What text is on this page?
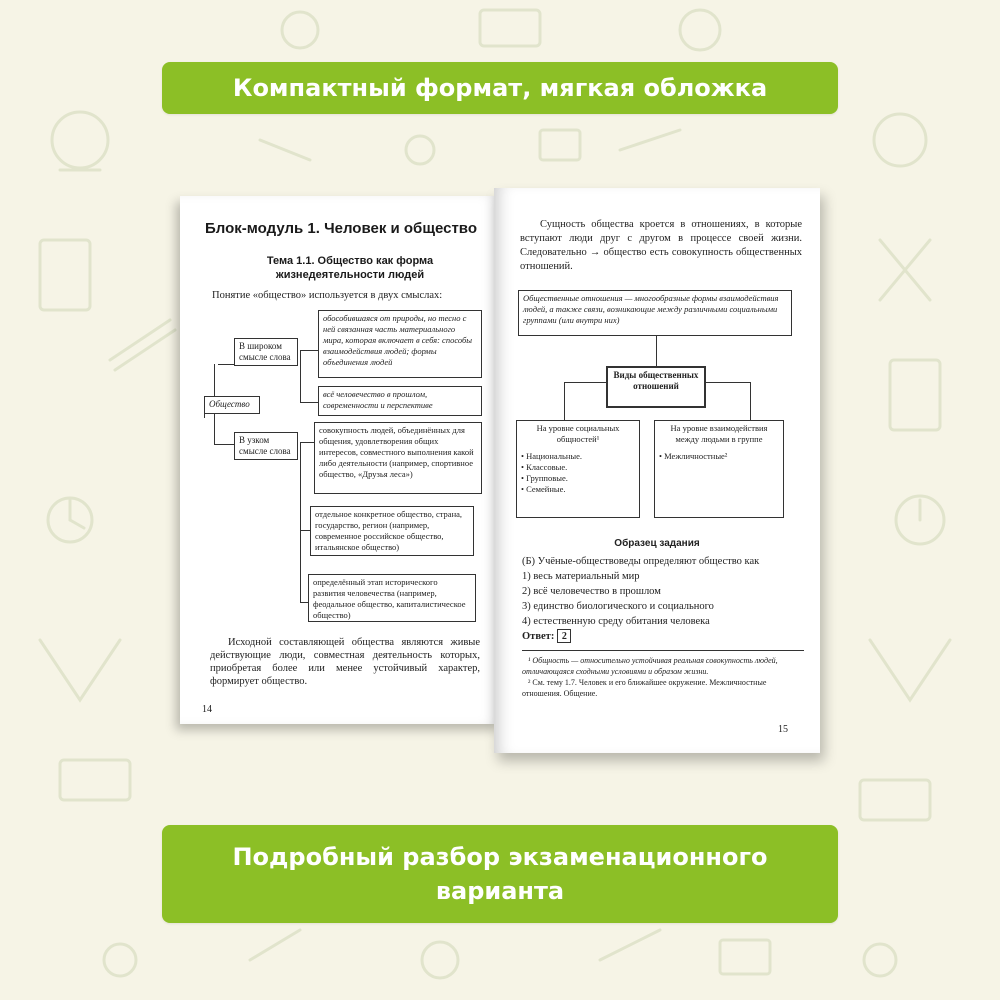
Компактный формат, мягкая обложка
Блок-модуль 1. Человек и общество
Тема 1.1. Общество как форма
жизнедеятельности людей
Понятие «общество» используется в двух смыслах:
Общество
В широком смысле слова
В узком смысле слова
обособившаяся от природы, но тесно с ней связанная часть материального мира, которая включает в себя: способы взаимодействия людей; формы объединения людей
всё человечество в прошлом, современности и перспективе
совокупность людей, объединённых для общения, удовлетворения общих интересов, совместного выполнения какой либо деятельности (например, спортивное общество, «Друзья леса»)
отдельное конкретное общество, страна, государство, регион (например, современное российское общество, итальянское общество)
определённый этап исторического развития человечества (например, феодальное общество, капиталистическое общество)
Исходной составляющей общества являются живые действующие люди, совместная деятельность которых, приобретая более или менее устойчивый характер, формирует общество.
14
Сущность общества кроется в отношениях, в которые вступают люди друг с другом в процессе своей жизни. Следовательно → общество есть совокупность общественных отношений.
Общественные отношения — многообразные формы взаимодействия людей, а также связи, возникающие между различными социальными группами (или внутри них)
Виды общественных отношений
На уровне социальных общностей¹
• Национальные.
• Классовые.
• Групповые.
• Семейные.
На уровне взаимодействия между людьми в группе
• Межличностные²
Образец задания
(Б) Учёные-обществоведы определяют общество как
1) весь материальный мир
2) всё человечество в прошлом
3) единство биологического и социального
4) естественную среду обитания человека
Ответ: 2

¹ Общность — относительно устойчивая реальная совокупность людей, отличающаяся сходными условиями и образом жизни.

² См. тему 1.7. Человек и его ближайшее окружение. Межличностные отношения. Общение.

15
Подробный разбор экзаменационного
варианта
